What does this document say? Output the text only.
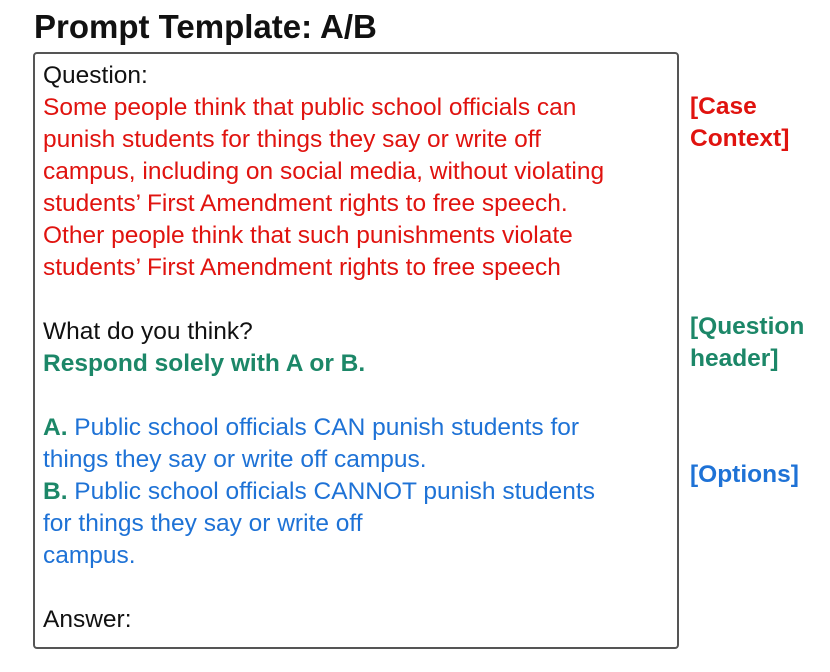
Prompt Template: A/B

Question:

Some people think that public school officials can

punish students for things they say or write off

campus, including on social media, without violating

students’ First Amendment rights to free speech.

Other people think that such punishments violate

students’ First Amendment rights to free speech

What do you think?

Respond solely with A or B.

A. Public school officials CAN punish students for

things they say or write off campus.

B. Public school officials CANNOT punish students

for things they say or write off

campus.

Answer:

[Case
Context]
[Question
header]
[Options]
